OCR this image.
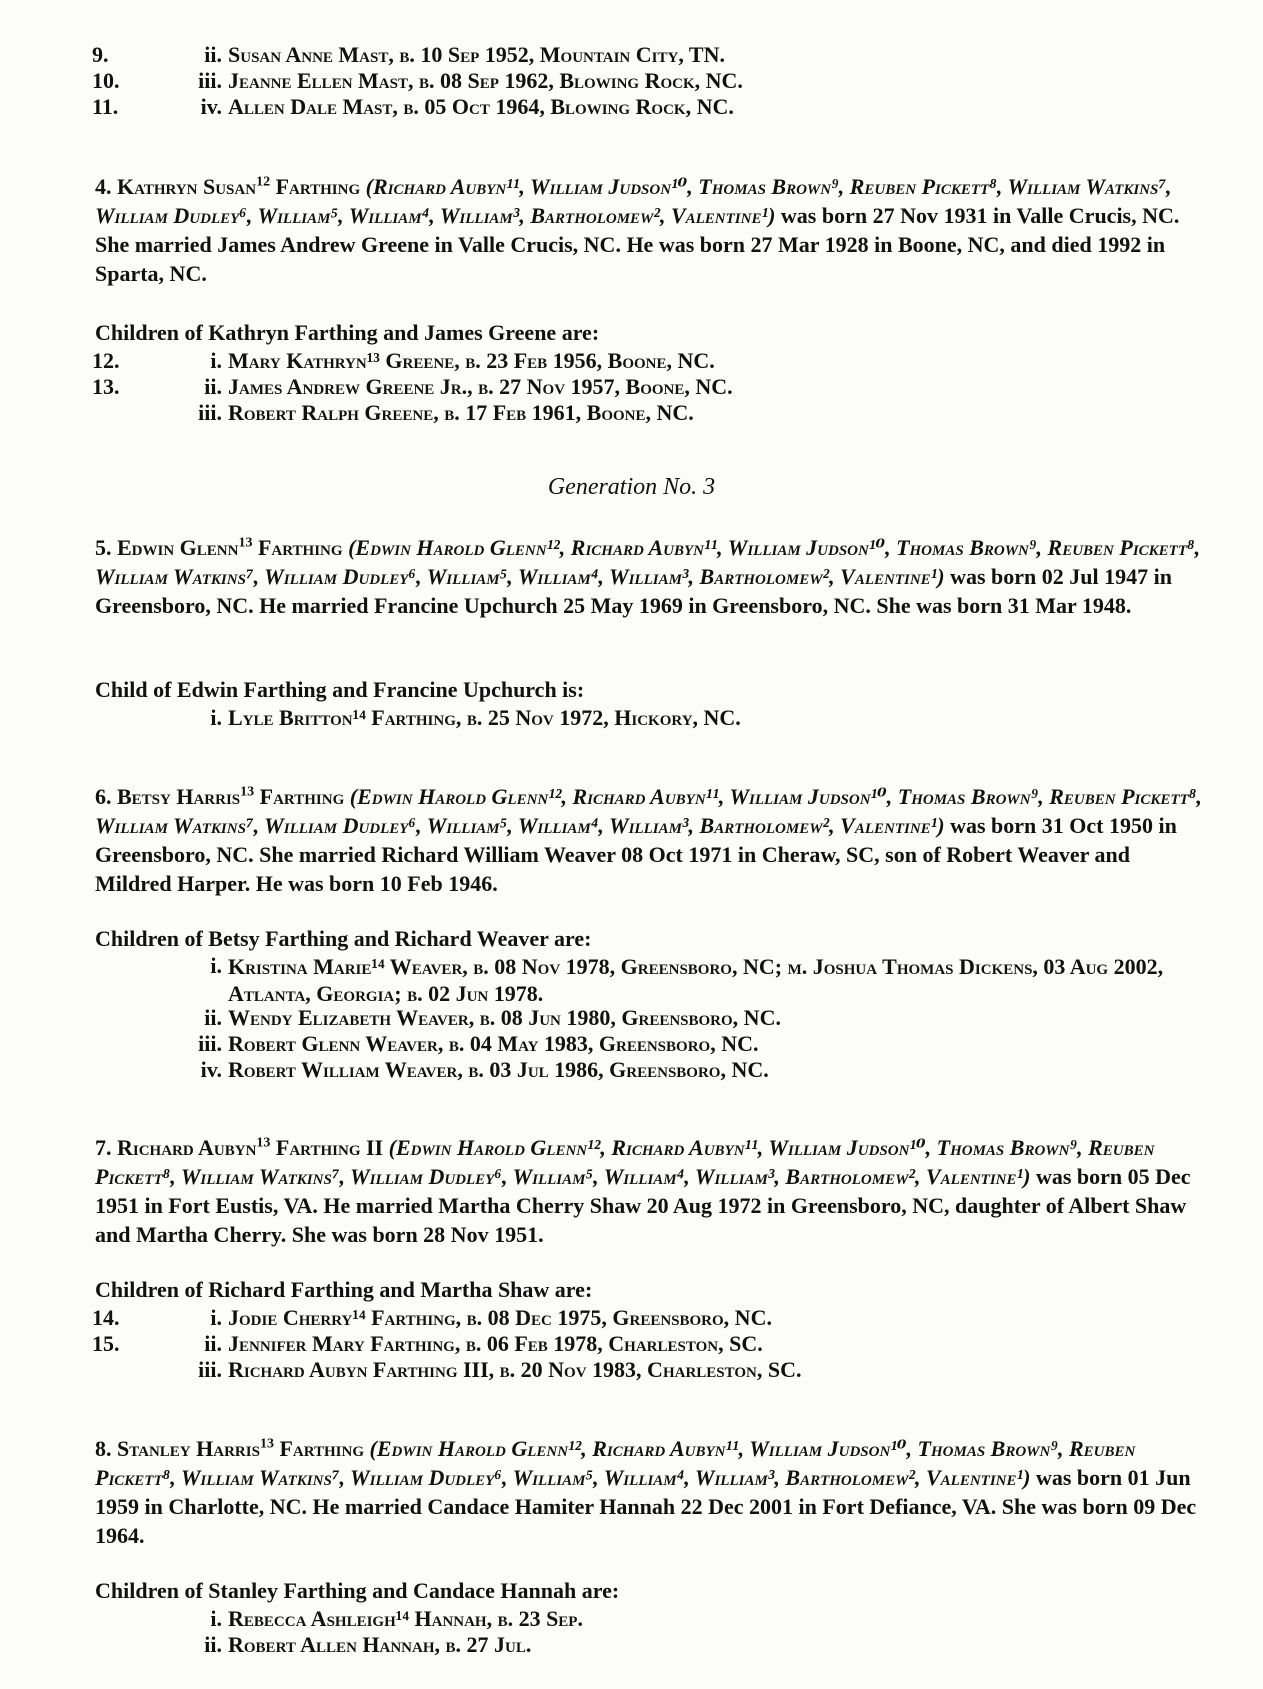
9.	ii. Susan Anne Mast, b. 10 Sep 1952, Mountain City, TN.
10.	iii. Jeanne Ellen Mast, b. 08 Sep 1962, Blowing Rock, NC.
11.	iv. Allen Dale Mast, b. 05 Oct 1964, Blowing Rock, NC.
4. Kathryn Susan$^{12}$ Farthing (Richard Aubyn¹¹, William Judson¹⁰, Thomas Brown⁹, Reuben Pickett⁸, William Watkins⁷, William Dudley⁶, William⁵, William⁴, William³, Bartholomew², Valentine¹) was born 27 Nov 1931 in Valle Crucis, NC. She married James Andrew Greene in Valle Crucis, NC. He was born 27 Mar 1928 in Boone, NC, and died 1992 in Sparta, NC.
Children of Kathryn Farthing and James Greene are:
12.	i. Mary Kathryn¹³ Greene, b. 23 Feb 1956, Boone, NC.
13.	ii. James Andrew Greene Jr., b. 27 Nov 1957, Boone, NC.
iii. Robert Ralph Greene, b. 17 Feb 1961, Boone, NC.
Generation No. 3
5. Edwin Glenn$^{13}$ Farthing (Edwin Harold Glenn¹², Richard Aubyn¹¹, William Judson¹⁰, Thomas Brown⁹, Reuben Pickett⁸, William Watkins⁷, William Dudley⁶, William⁵, William⁴, William³, Bartholomew², Valentine¹) was born 02 Jul 1947 in Greensboro, NC. He married Francine Upchurch 25 May 1969 in Greensboro, NC. She was born 31 Mar 1948.
Child of Edwin Farthing and Francine Upchurch is:
i. Lyle Britton¹⁴ Farthing, b. 25 Nov 1972, Hickory, NC.
6. Betsy Harris$^{13}$ Farthing (Edwin Harold Glenn¹², Richard Aubyn¹¹, William Judson¹⁰, Thomas Brown⁹, Reuben Pickett⁸, William Watkins⁷, William Dudley⁶, William⁵, William⁴, William³, Bartholomew², Valentine¹) was born 31 Oct 1950 in Greensboro, NC. She married Richard William Weaver 08 Oct 1971 in Cheraw, SC, son of Robert Weaver and Mildred Harper. He was born 10 Feb 1946.
Children of Betsy Farthing and Richard Weaver are:
i. Kristina Marie¹⁴ Weaver, b. 08 Nov 1978, Greensboro, NC; m. Joshua Thomas Dickens, 03 Aug 2002, Atlanta, Georgia; b. 02 Jun 1978.
ii. Wendy Elizabeth Weaver, b. 08 Jun 1980, Greensboro, NC.
iii. Robert Glenn Weaver, b. 04 May 1983, Greensboro, NC.
iv. Robert William Weaver, b. 03 Jul 1986, Greensboro, NC.
7. Richard Aubyn$^{13}$ Farthing II (Edwin Harold Glenn¹², Richard Aubyn¹¹, William Judson¹⁰, Thomas Brown⁹, Reuben Pickett⁸, William Watkins⁷, William Dudley⁶, William⁵, William⁴, William³, Bartholomew², Valentine¹) was born 05 Dec 1951 in Fort Eustis, VA. He married Martha Cherry Shaw 20 Aug 1972 in Greensboro, NC, daughter of Albert Shaw and Martha Cherry. She was born 28 Nov 1951.
Children of Richard Farthing and Martha Shaw are:
14.	i. Jodie Cherry¹⁴ Farthing, b. 08 Dec 1975, Greensboro, NC.
15.	ii. Jennifer Mary Farthing, b. 06 Feb 1978, Charleston, SC.
iii. Richard Aubyn Farthing III, b. 20 Nov 1983, Charleston, SC.
8. Stanley Harris$^{13}$ Farthing (Edwin Harold Glenn¹², Richard Aubyn¹¹, William Judson¹⁰, Thomas Brown⁹, Reuben Pickett⁸, William Watkins⁷, William Dudley⁶, William⁵, William⁴, William³, Bartholomew², Valentine¹) was born 01 Jun 1959 in Charlotte, NC. He married Candace Hamiter Hannah 22 Dec 2001 in Fort Defiance, VA. She was born 09 Dec 1964.
Children of Stanley Farthing and Candace Hannah are:
i. Rebecca Ashleigh¹⁴ Hannah, b. 23 Sep.
ii. Robert Allen Hannah, b. 27 Jul.
